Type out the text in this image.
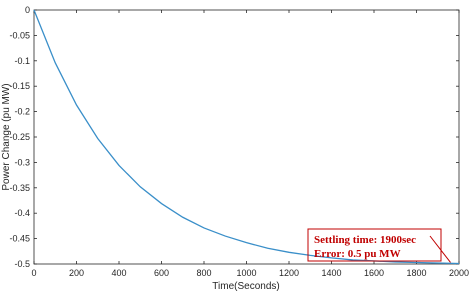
0	200	400	600	800	1000 1200 1400 1600 1800 2000
0
-0.05
-0.1
-0.15
-0.2
-0.25
-0.3
-0.35
-0.4
-0.45
-0.5
Settling time: 1900sec
Error: 0.5 pu MW
Time(Seconds)
Power Change (pu MW)
